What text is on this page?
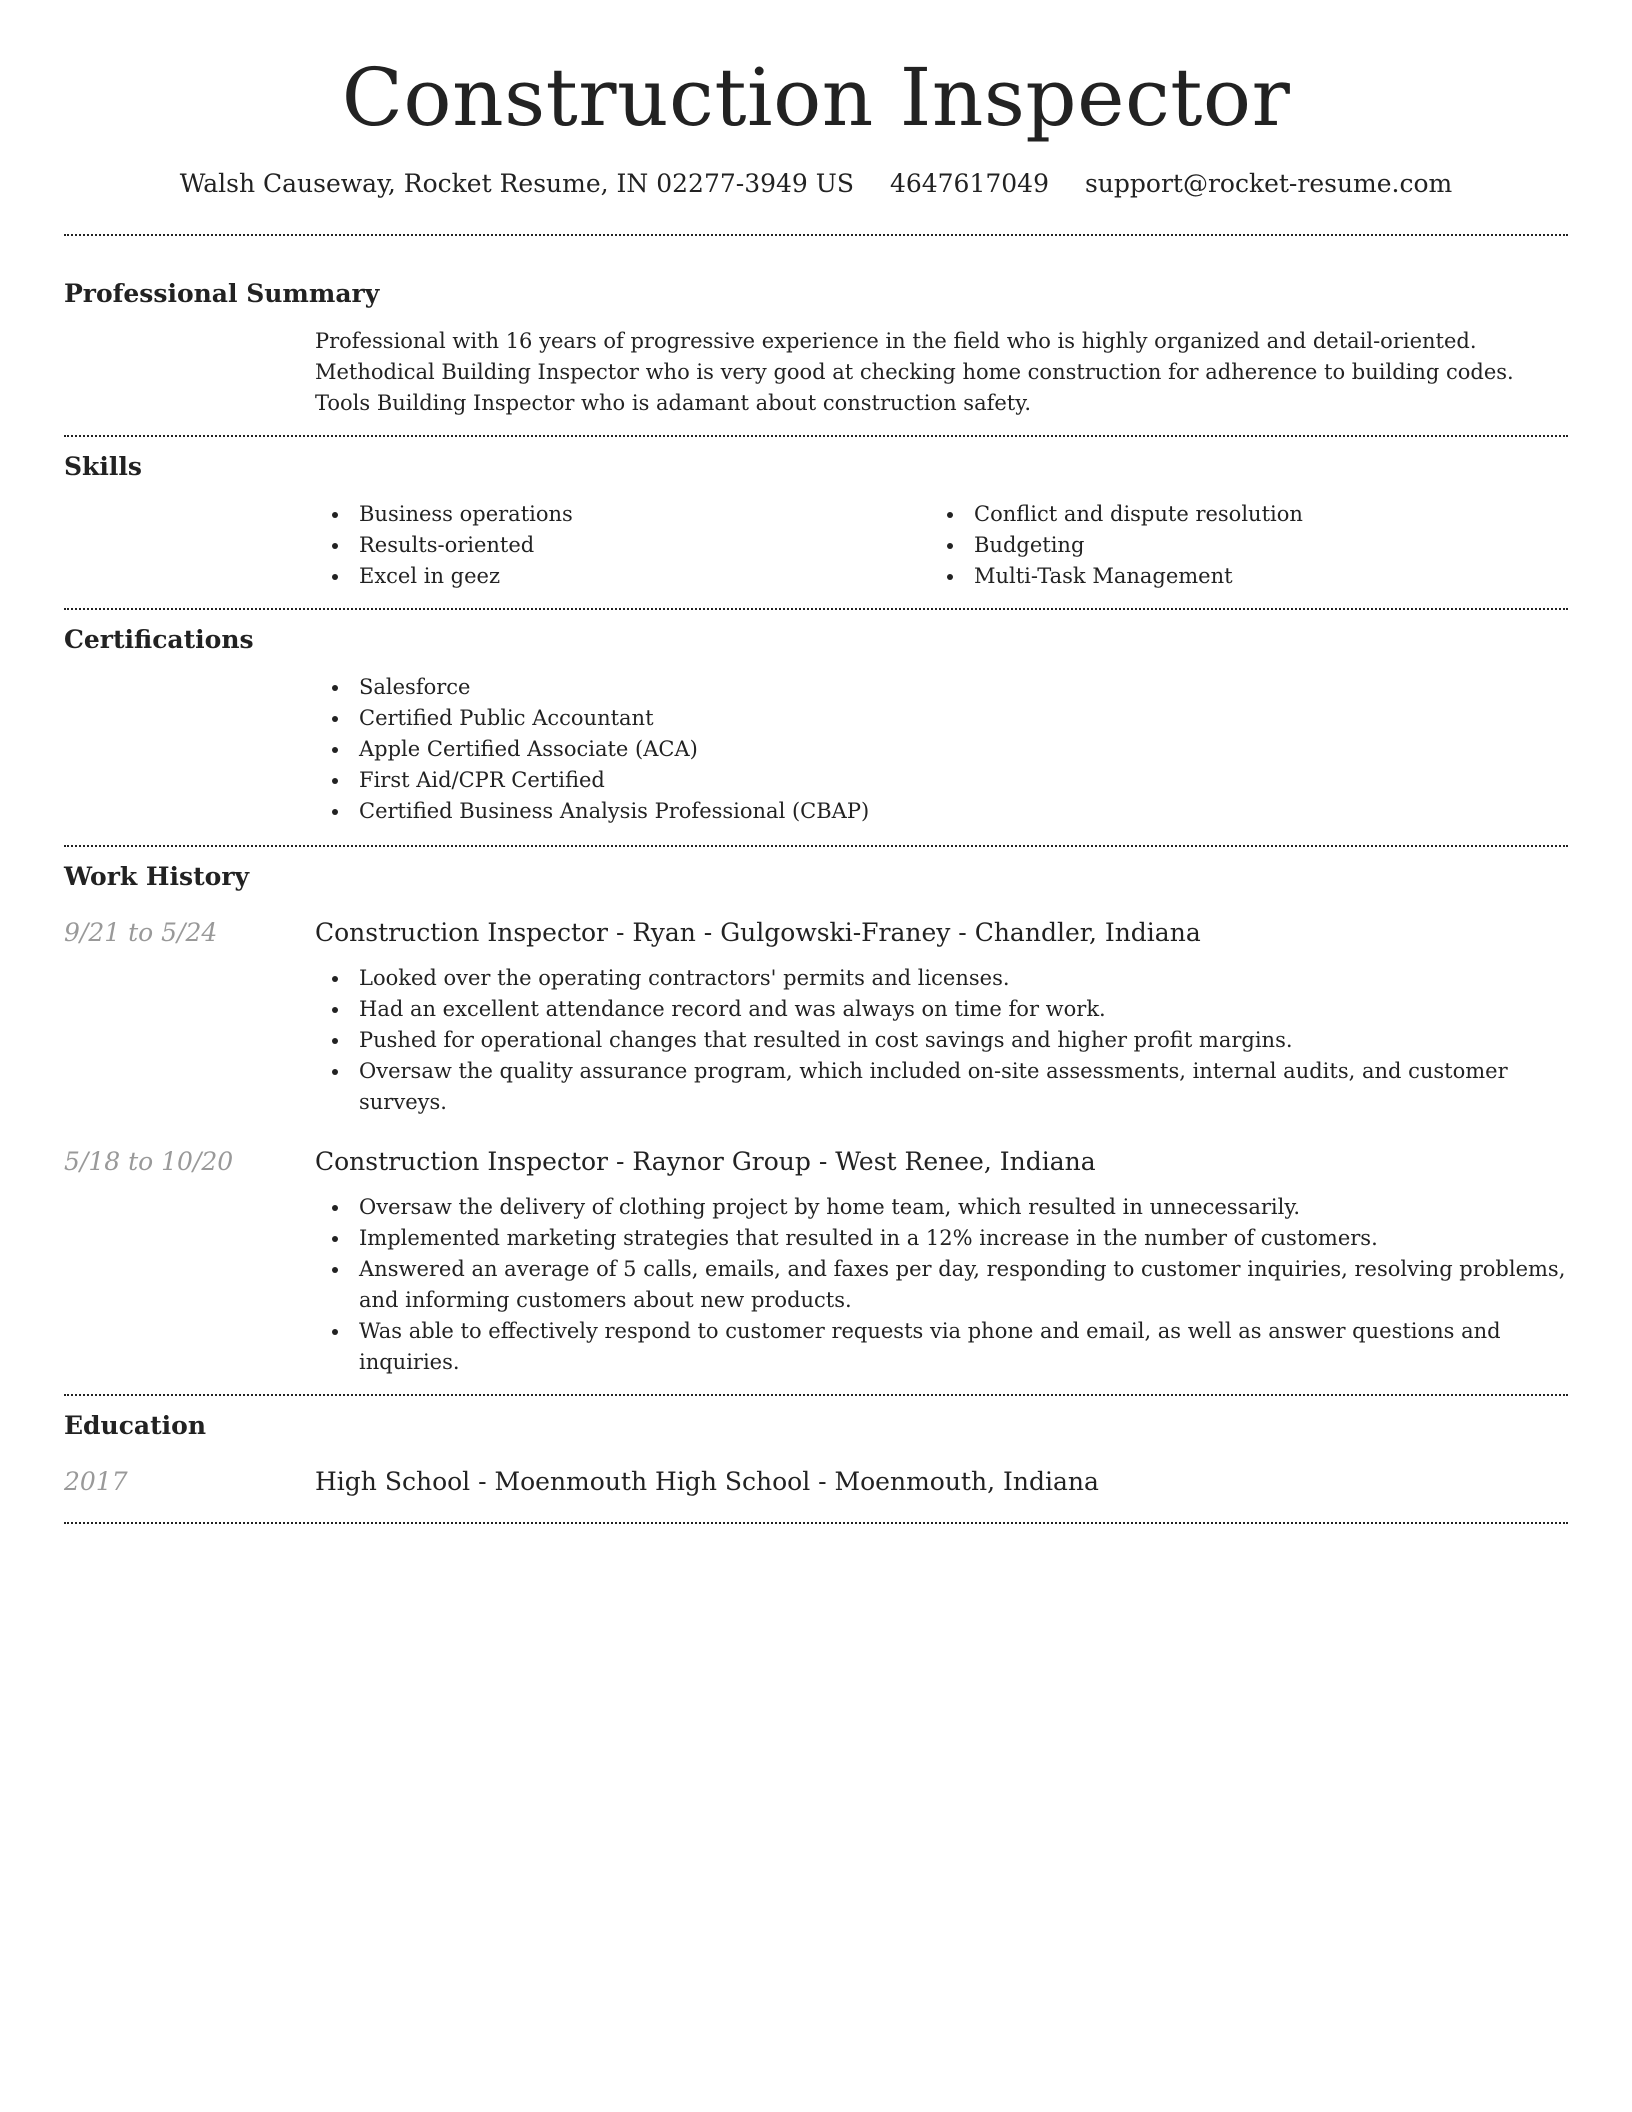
Construction Inspector
Walsh Causeway, Rocket Resume, IN 02277-3949 US 4647617049 support@rocket-resume.com
Professional Summary

Professional with 16 years of progressive experience in the field who is highly organized and detail-oriented. Methodical Building Inspector who is very good at checking home construction for adherence to building codes. Tools Building Inspector who is adamant about construction safety.

Skills
Business operations
Results-oriented
Excel in geez
Conflict and dispute resolution
Budgeting
Multi-Task Management
Certifications
Salesforce
Certified Public Accountant
Apple Certified Associate (ACA)
First Aid/CPR Certified
Certified Business Analysis Professional (CBAP)
Work History
9/21 to 5/24	Construction Inspector - Ryan - Gulgowski-Franey - Chandler, Indiana
Looked over the operating contractors' permits and licenses.
Had an excellent attendance record and was always on time for work.
Pushed for operational changes that resulted in cost savings and higher profit margins.
Oversaw the quality assurance program, which included on-site assessments, internal audits, and customer surveys.
5/18 to 10/20	Construction Inspector - Raynor Group - West Renee, Indiana
Oversaw the delivery of clothing project by home team, which resulted in unnecessarily.
Implemented marketing strategies that resulted in a 12% increase in the number of customers.
Answered an average of 5 calls, emails, and faxes per day, responding to customer inquiries, resolving problems, and informing customers about new products.
Was able to effectively respond to customer requests via phone and email, as well as answer questions and inquiries.
Education
2017	High School - Moenmouth High School - Moenmouth, Indiana
